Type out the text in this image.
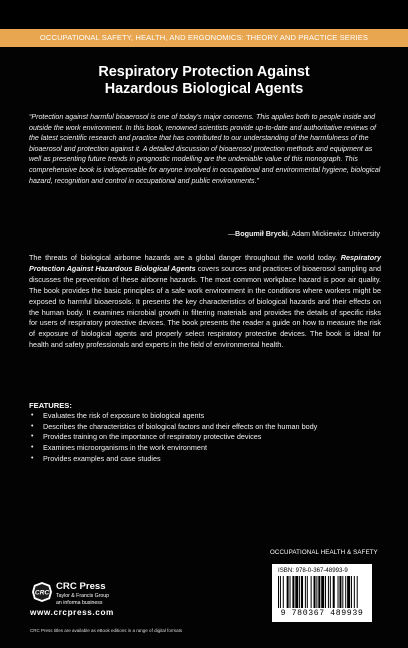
OCCUPATIONAL SAFETY, HEALTH, AND ERGONOMICS: THEORY AND PRACTICE SERIES
Respiratory Protection Against
Hazardous Biological Agents
“Protection against harmful bioaerosol is one of today’s major concerns. This applies both to people inside and outside the work environment. In this book, renowned scientists provide up-to-date and authoritative reviews of the latest scientific research and practice that has contributed to our understanding of the harmfulness of the bioaerosol and protection against it. A detailed discussion of bioaerosol protection methods and equipment as well as presenting future trends in prognostic modelling are the undeniable value of this monograph. This comprehensive book is indispensable for anyone involved in occupational and environmental hygiene, biological hazard, recognition and control in occupational and public environments.”
—Bogumił Brycki, Adam Mickiewicz University
The threats of biological airborne hazards are a global danger throughout the world today. Respiratory Protection Against Hazardous Biological Agents covers sources and practices of bioaerosol sampling and discusses the prevention of these airborne hazards. The most common workplace hazard is poor air quality. The book provides the basic principles of a safe work environment in the conditions where workers might be exposed to harmful bioaerosols. It presents the key characteristics of biological hazards and their effects on the human body. It examines microbial growth in filtering materials and provides the details of specific risks for users of respiratory protective devices. The book presents the reader a guide on how to measure the risk of exposure of biological agents and properly select respiratory protective devices. The book is ideal for health and safety professionals and experts in the field of environmental health.
FEATURES:
• Evaluates the risk of exposure to biological agents
• Describes the characteristics of biological factors and their effects on the human body
• Provides training on the importance of respiratory protective devices
• Examines microorganisms in the work environment
• Provides examples and case studies
OCCUPATIONAL HEALTH & SAFETY
ISBN: 978-0-367-48993-9
9 780367 489939
CRC
CRC Press
Taylor & Francis Group
an informa business
www.crcpress.com
CRC Press titles are available as eBook editions in a range of digital formats
